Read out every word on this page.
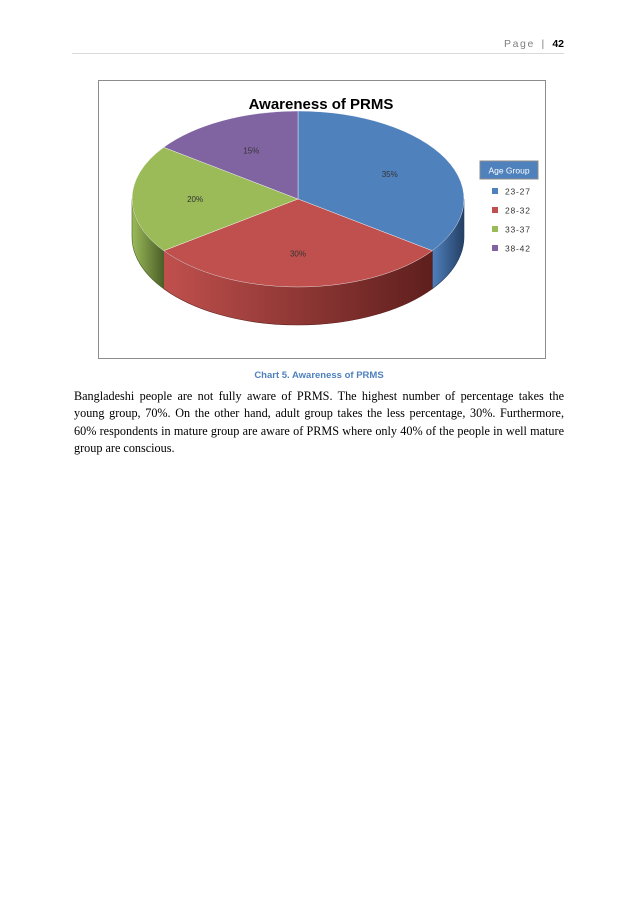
Page | 42
35%
30%
20%
15%
Age Group
23-27
28-32
33-37
38-42
Awareness of PRMS
Chart 5. Awareness of PRMS

Bangladeshi people are not fully aware of PRMS. The highest number of percentage takes the young group, 70%. On the other hand, adult group takes the less percentage, 30%. Furthermore, 60% respondents in mature group are aware of PRMS where only 40% of the people in well mature group are conscious.
